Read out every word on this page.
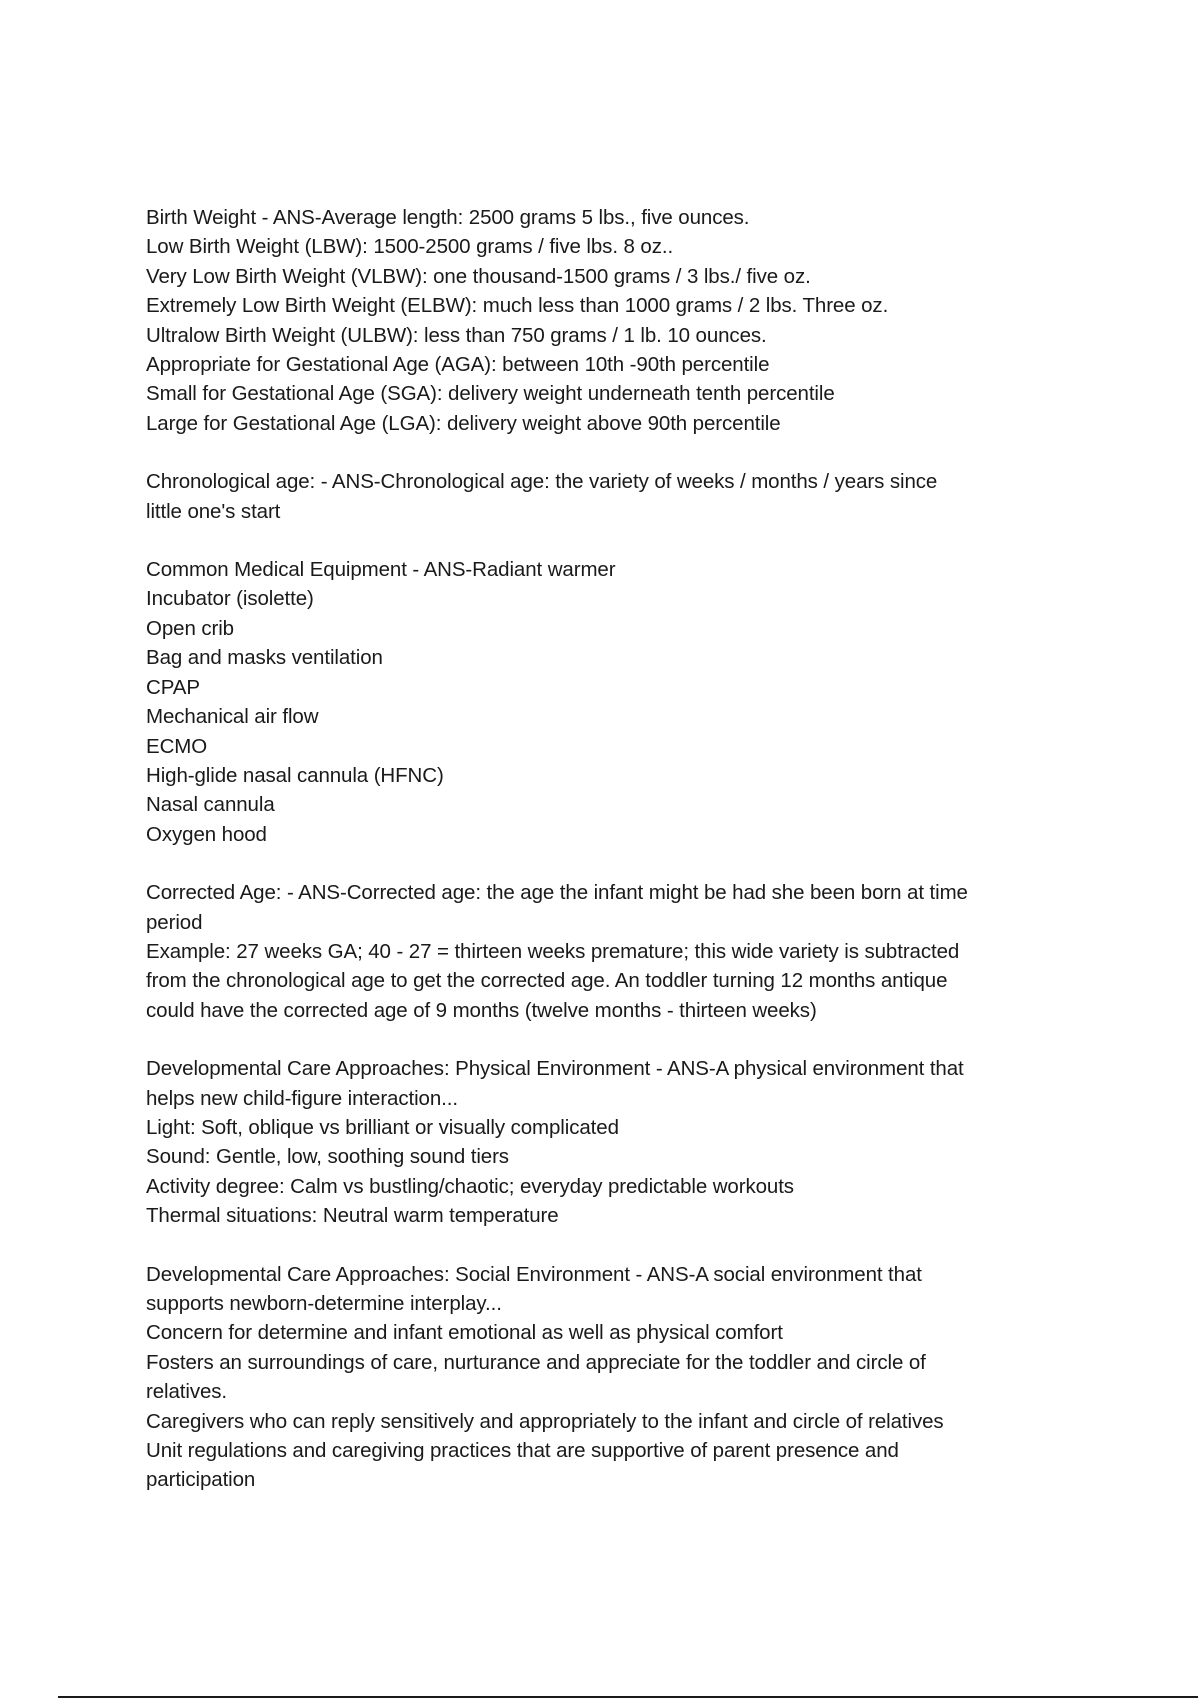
Birth Weight - ANS-Average length: 2500 grams 5 lbs., five ounces.
Low Birth Weight (LBW): 1500-2500 grams / five lbs. 8 oz..
Very Low Birth Weight (VLBW): one thousand-1500 grams / 3 lbs./ five oz.
Extremely Low Birth Weight (ELBW): much less than 1000 grams / 2 lbs. Three oz.
Ultralow Birth Weight (ULBW): less than 750 grams / 1 lb. 10 ounces.
Appropriate for Gestational Age (AGA): between 10th -90th percentile
Small for Gestational Age (SGA): delivery weight underneath tenth percentile
Large for Gestational Age (LGA): delivery weight above 90th percentile
Chronological age: - ANS-Chronological age: the variety of weeks / months / years since
little one's start
Common Medical Equipment - ANS-Radiant warmer
Incubator (isolette)
Open crib
Bag and masks ventilation
CPAP
Mechanical air flow
ECMO
High-glide nasal cannula (HFNC)
Nasal cannula
Oxygen hood
Corrected Age: - ANS-Corrected age: the age the infant might be had she been born at time
period
Example: 27 weeks GA; 40 - 27 = thirteen weeks premature; this wide variety is subtracted
from the chronological age to get the corrected age. An toddler turning 12 months antique
could have the corrected age of 9 months (twelve months - thirteen weeks)
Developmental Care Approaches: Physical Environment - ANS-A physical environment that
helps new child-figure interaction...
Light: Soft, oblique vs brilliant or visually complicated
Sound: Gentle, low, soothing sound tiers
Activity degree: Calm vs bustling/chaotic; everyday predictable workouts
Thermal situations: Neutral warm temperature
Developmental Care Approaches: Social Environment - ANS-A social environment that
supports newborn-determine interplay...
Concern for determine and infant emotional as well as physical comfort
Fosters an surroundings of care, nurturance and appreciate for the toddler and circle of
relatives.
Caregivers who can reply sensitively and appropriately to the infant and circle of relatives
Unit regulations and caregiving practices that are supportive of parent presence and
participation
